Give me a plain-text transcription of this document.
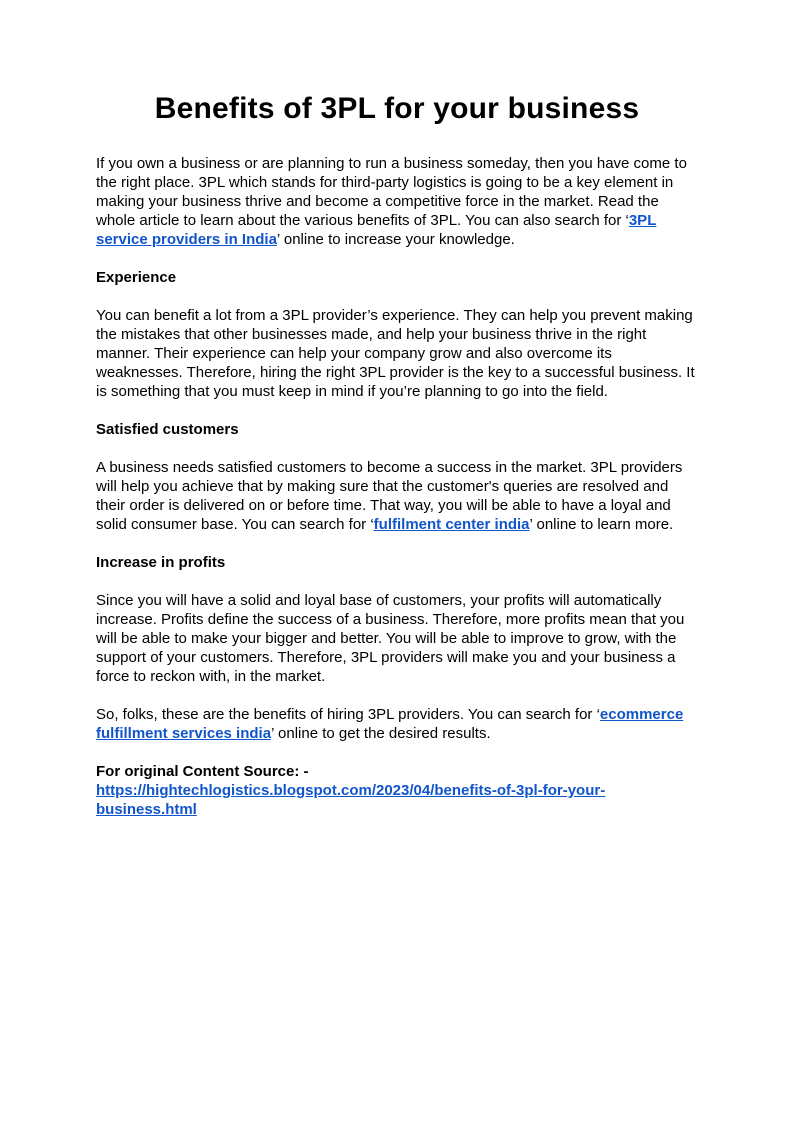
Benefits of 3PL for your business

If you own a business or are planning to run a business someday, then you have come to the right place. 3PL which stands for third-party logistics is going to be a key element in making your business thrive and become a competitive force in the market. Read the whole article to learn about the various benefits of 3PL. You can also search for ‘3PL service providers in India’ online to increase your knowledge.

Experience

You can benefit a lot from a 3PL provider’s experience. They can help you prevent making the mistakes that other businesses made, and help your business thrive in the right manner. Their experience can help your company grow and also overcome its weaknesses. Therefore, hiring the right 3PL provider is the key to a successful business. It is something that you must keep in mind if you’re planning to go into the field.

Satisfied customers

A business needs satisfied customers to become a success in the market. 3PL providers will help you achieve that by making sure that the customer's queries are resolved and their order is delivered on or before time. That way, you will be able to have a loyal and solid consumer base. You can search for ‘fulfilment center india’ online to learn more.

Increase in profits

Since you will have a solid and loyal base of customers, your profits will automatically increase. Profits define the success of a business. Therefore, more profits mean that you will be able to make your bigger and better. You will be able to improve to grow, with the support of your customers. Therefore, 3PL providers will make you and your business a force to reckon with, in the market.

So, folks, these are the benefits of hiring 3PL providers. You can search for ‘ecommerce fulfillment services india’ online to get the desired results.

For original Content Source: -
https://hightechlogistics.blogspot.com/2023/04/benefits-of-3pl-for-your-business.html
